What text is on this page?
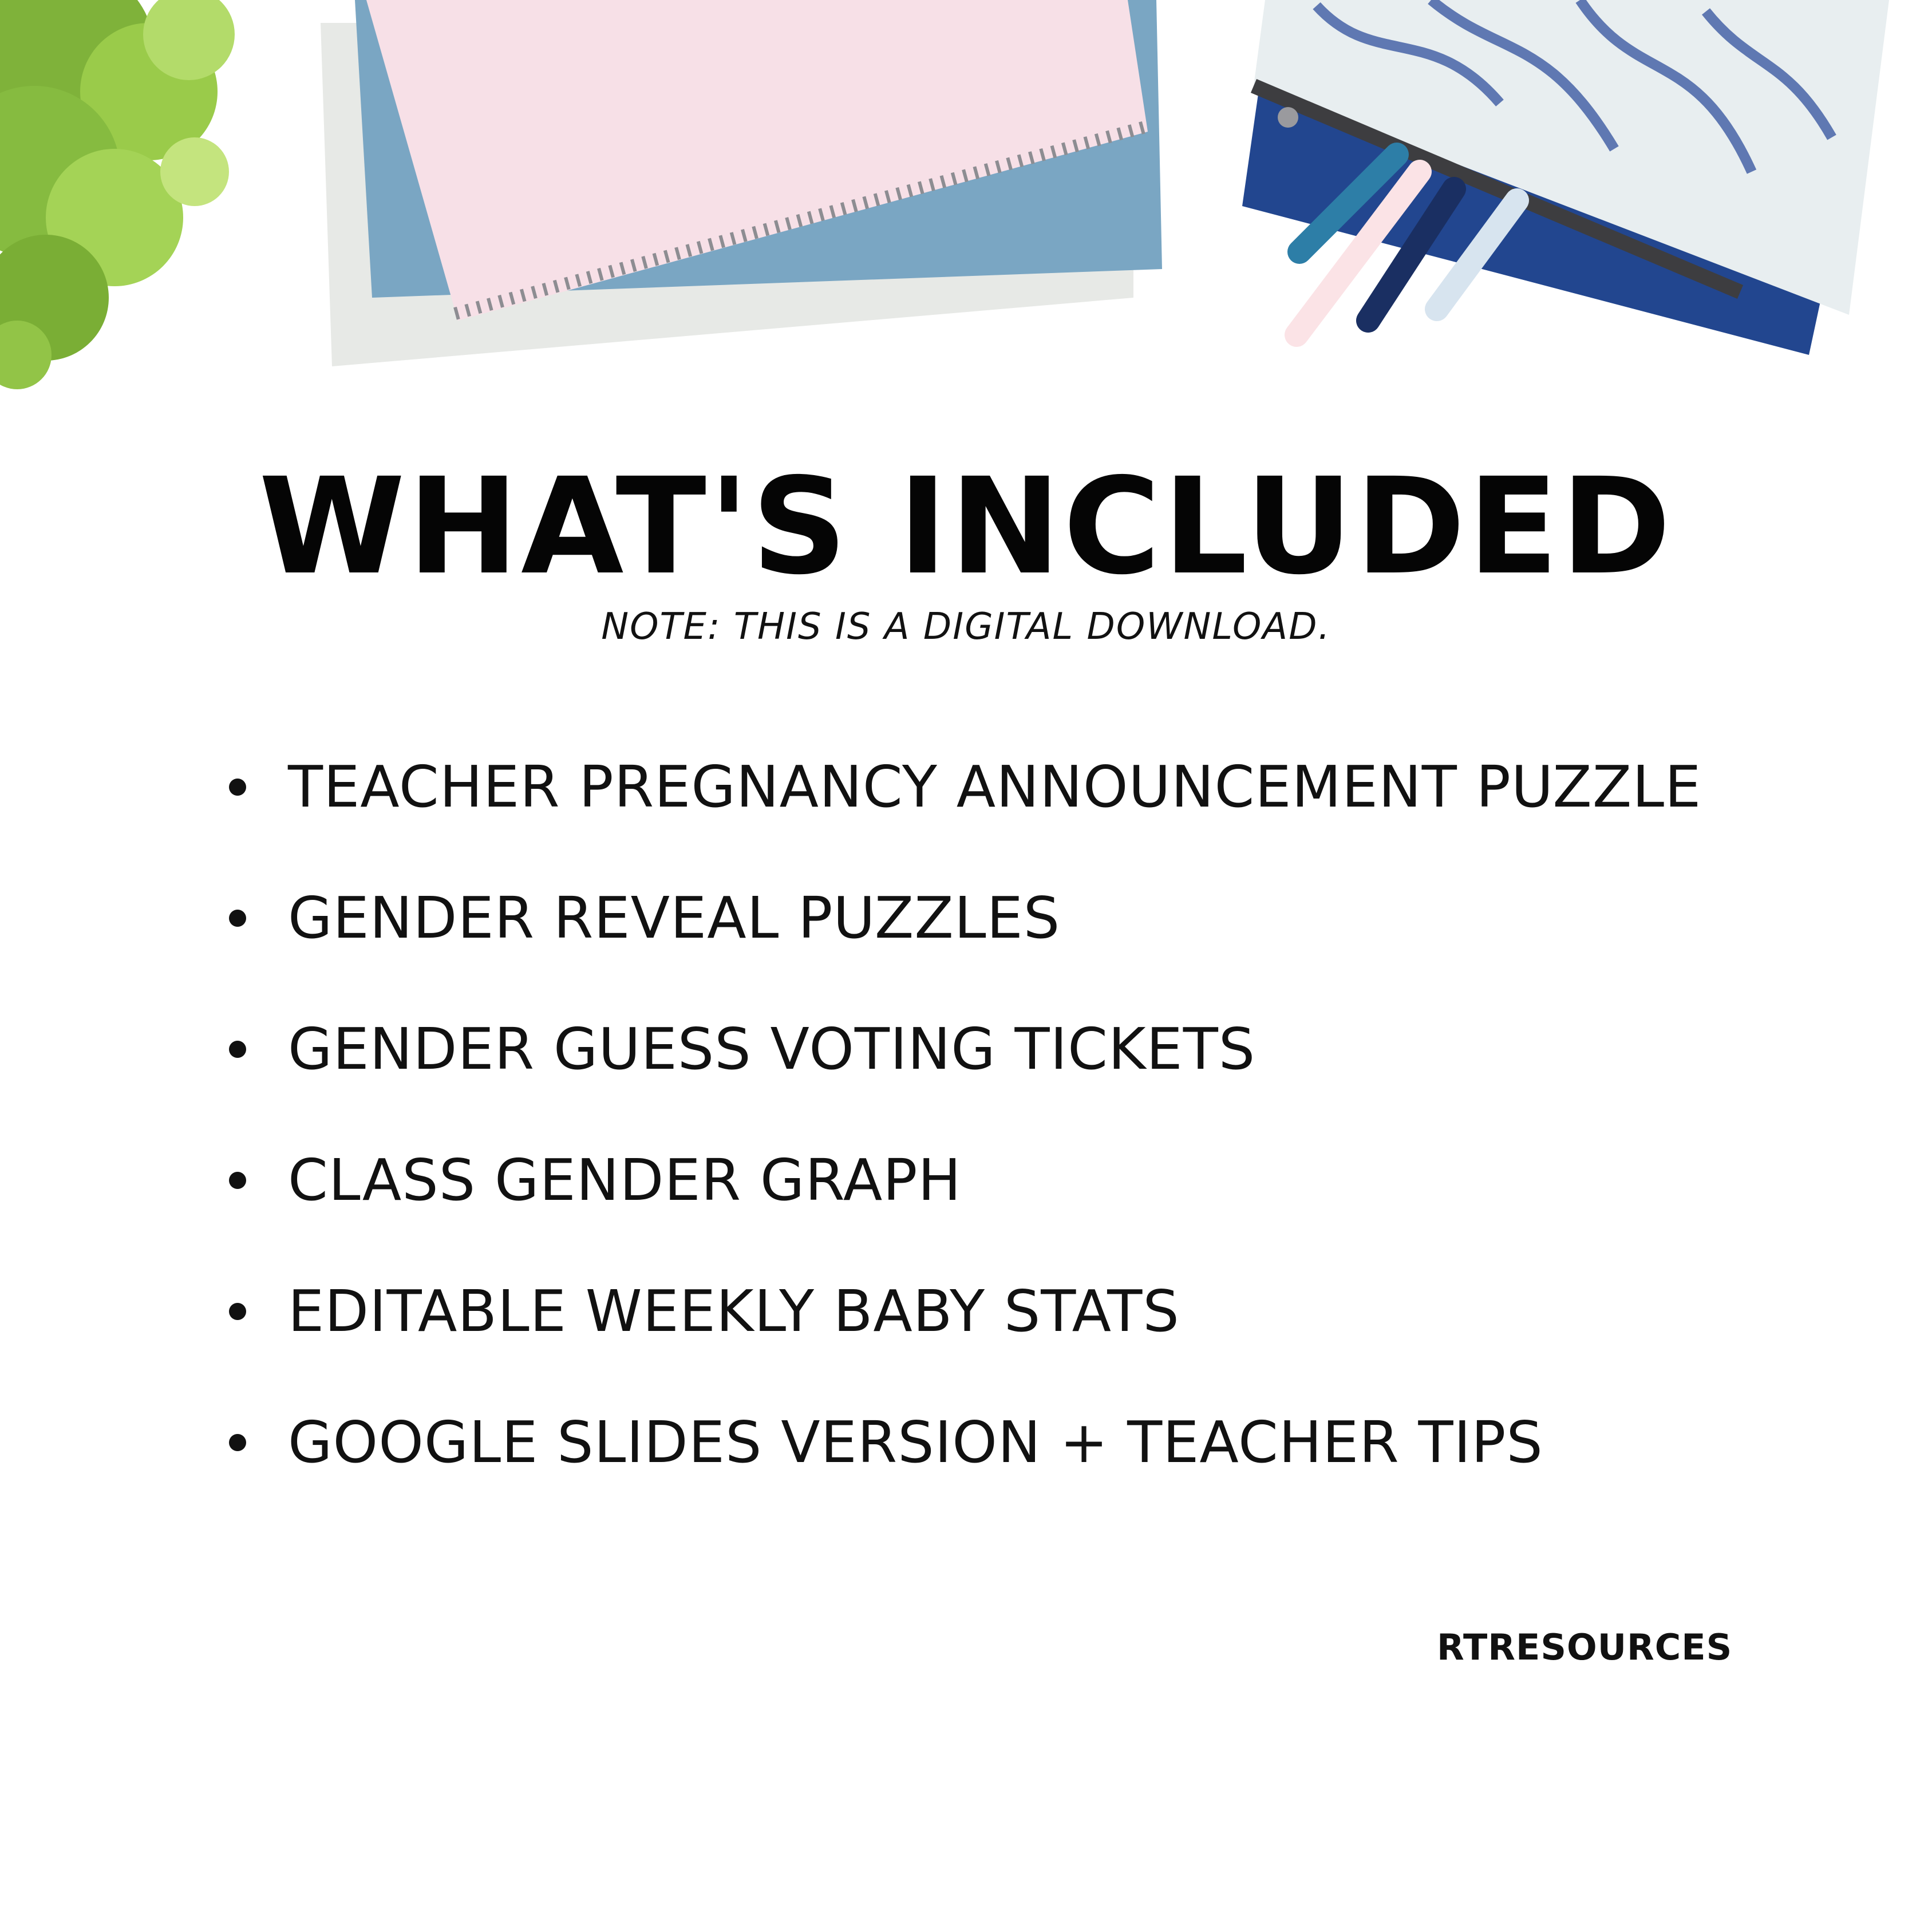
WHAT'S INCLUDED
NOTE: THIS IS A DIGITAL DOWNLOAD.
TEACHER PREGNANCY ANNOUNCEMENT PUZZLE
GENDER REVEAL PUZZLES
GENDER GUESS VOTING TICKETS
CLASS GENDER GRAPH
EDITABLE WEEKLY BABY STATS
GOOGLE SLIDES VERSION + TEACHER TIPS
RTRESOURCES
